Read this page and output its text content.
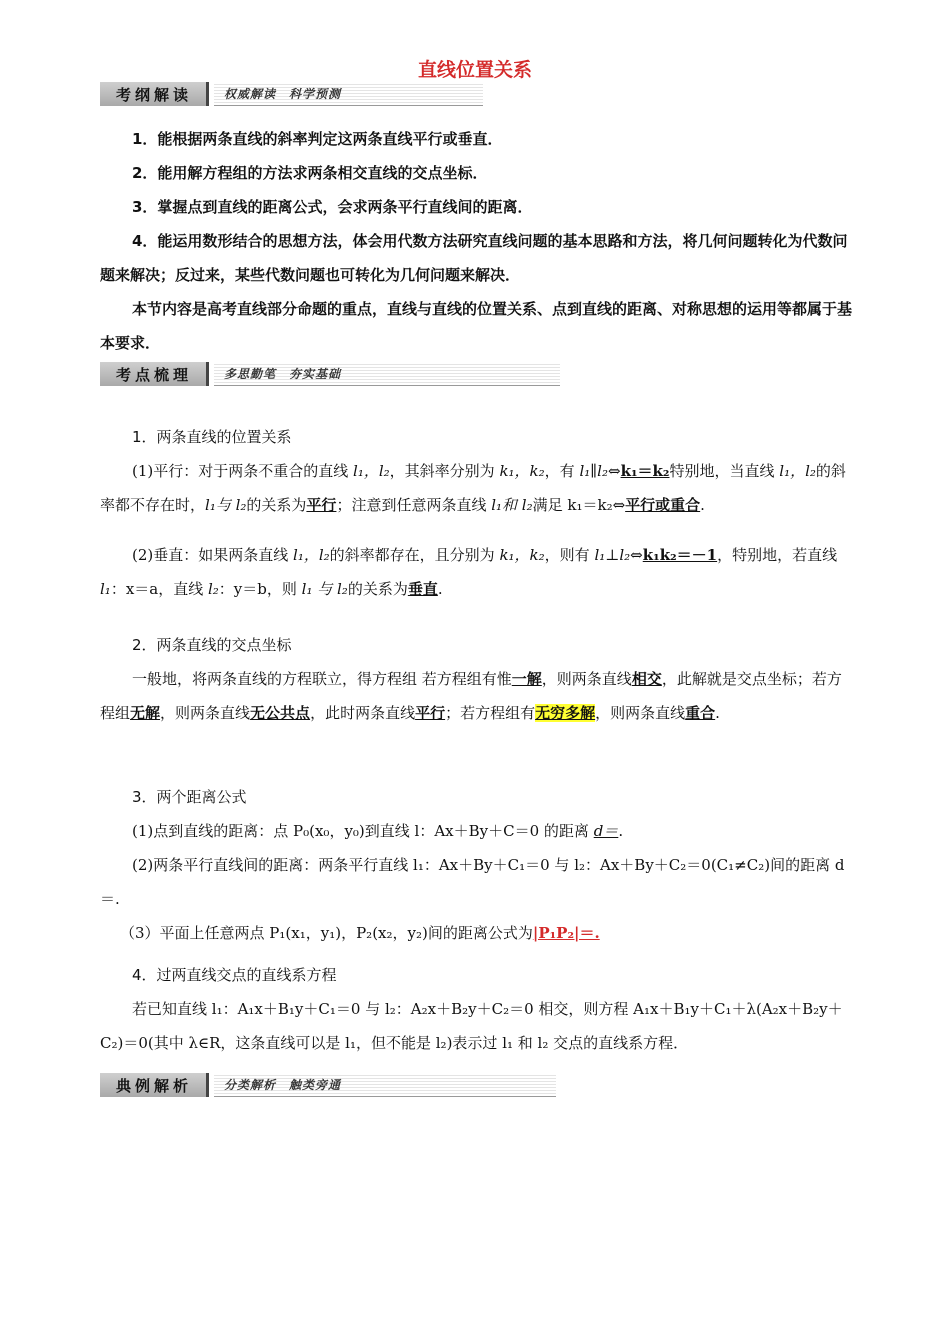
直线位置关系
考纲解读	权威解读　科学预测

1．能根据两条直线的斜率判定这两条直线平行或垂直．

2．能用解方程组的方法求两条相交直线的交点坐标．

3．掌握点到直线的距离公式，会求两条平行直线间的距离．

4．能运用数形结合的思想方法，体会用代数方法研究直线问题的基本思路和方法，将几何问题转化为代数问题来解决；反过来，某些代数问题也可转化为几何问题来解决．

本节内容是高考直线部分命题的重点，直线与直线的位置关系、点到直线的距离、对称思想的运用等都属于基本要求．

考点梳理	多思勤笔　夯实基础

1．两条直线的位置关系

(1)平行：对于两条不重合的直线 l₁，l₂，其斜率分别为 k₁，k₂，有 l₁∥l₂⇔k₁＝k₂特别地，当直线 l₁，l₂的斜率都不存在时，l₁与 l₂的关系为平行；注意到任意两条直线 l₁和 l₂满足 k₁＝k₂⇔平行或重合.

(2)垂直：如果两条直线 l₁，l₂的斜率都存在，且分别为 k₁，k₂，则有 l₁⊥l₂⇔k₁k₂＝－1，特别地，若直线 l₁：x＝a，直线 l₂：y＝b，则 l₁ 与 l₂的关系为垂直.

2．两条直线的交点坐标

一般地，将两条直线的方程联立，得方程组 若方程组有惟一解，则两条直线相交，此解就是交点坐标；若方程组无解，则两条直线无公共点，此时两条直线平行；若方程组有无穷多解，则两条直线重合.

3．两个距离公式

(1)点到直线的距离：点 P₀(x₀，y₀)到直线 l：Ax＋By＋C＝0 的距离 d＝.

(2)两条平行直线间的距离：两条平行直线 l₁：Ax＋By＋C₁＝0 与 l₂：Ax＋By＋C₂＝0(C₁≠C₂)间的距离 d＝.

（3）平面上任意两点 P₁(x₁，y₁)，P₂(x₂，y₂)间的距离公式为|P₁P₂|＝.

4．过两直线交点的直线系方程

若已知直线 l₁：A₁x＋B₁y＋C₁＝0 与 l₂：A₂x＋B₂y＋C₂＝0 相交，则方程 A₁x＋B₁y＋C₁＋λ(A₂x＋B₂y＋C₂)＝0(其中 λ∈R，这条直线可以是 l₁，但不能是 l₂)表示过 l₁ 和 l₂ 交点的直线系方程．

典例解析	分类解析　触类旁通
